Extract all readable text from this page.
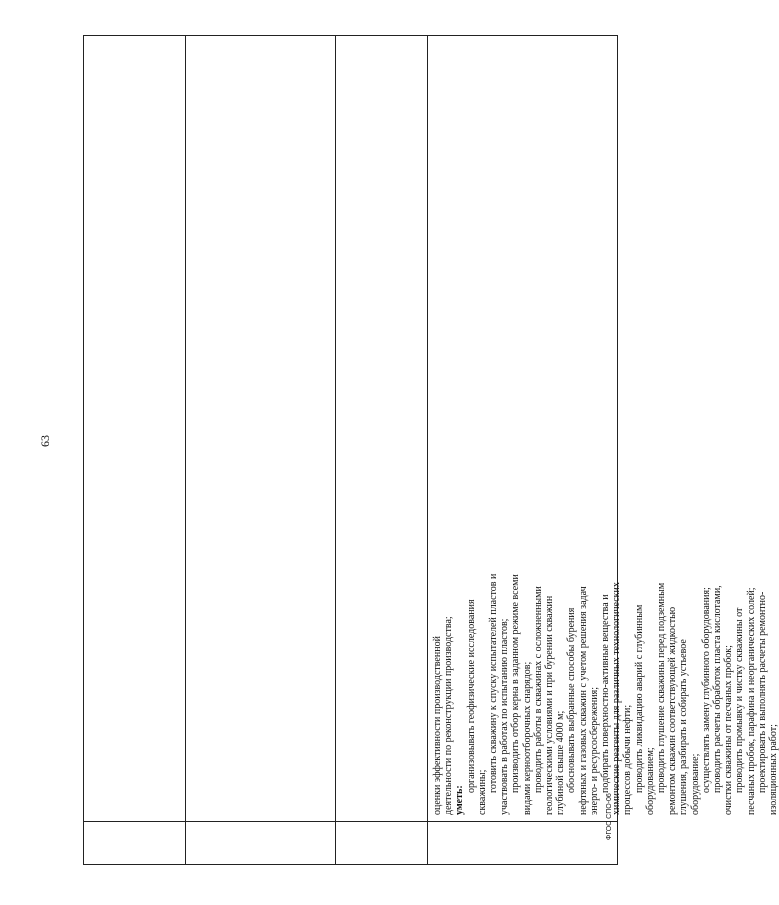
63

оценки эффективности производственной деятельности по реконструкции производства; уметь:

организовывать геофизические исследования скважины; готовить скважину к спуску испытателей пластов и участвовать в работах по испытанию пластов; производить отбор керна в заданном режиме всеми видами керноотборочных снарядов; проводить работы в скважинах с осложненными геологическими условиями и при бурении скважин глубиной свыше 4000 м; обосновывать выбранные способы бурения нефтяных и газовых скважин с учетом решения задач энерго- и ресурсосбережения; подбирать поверхностно-активные вещества и химические реагенты для различных технологических процессов добычи нефти; проводить ликвидацию аварий с глубинным оборудованием; проводить глушение скважины перед подземным ремонтом скважин соответствующей жидкостью глушения, разбирать и собирать устьевое оборудование; осуществлять замену глубинного оборудования; проводить расчеты обработок пласта кислотами, очистки скважины от песчаных пробок; проводить промывку и чистку скважины от песчаных пробок, парафина и неорганических солей; проектировать и выполнять расчеты ремонтно- изоляционных работ;

ФГОС СПО-06
